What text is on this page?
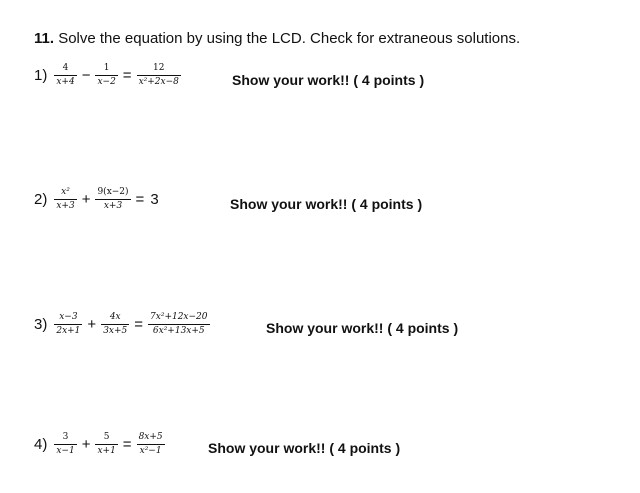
11. Solve the equation by using the LCD. Check for extraneous solutions.
$1) \frac{4}{x+4} - \frac{1}{x-2} = \frac{12}{\text{x²+2x−8}}$	Show your work!! ( 4 points )
$2) \frac{\text{x²}}{x+3} + \frac{9(x-2)}{x+3} = 3$	Show your work!! ( 4 points )
$3) \frac{x-3}{2x+1} + \frac{4x}{3x+5} = \frac{\text{7x²+12x−20}}{\text{6x²+13x+5}}$	Show your work!! ( 4 points )
$4) \frac{3}{x-1} + \frac{5}{x+1} = \frac{8x+5}{\text{x²−1}}$	Show your work!! ( 4 points )
